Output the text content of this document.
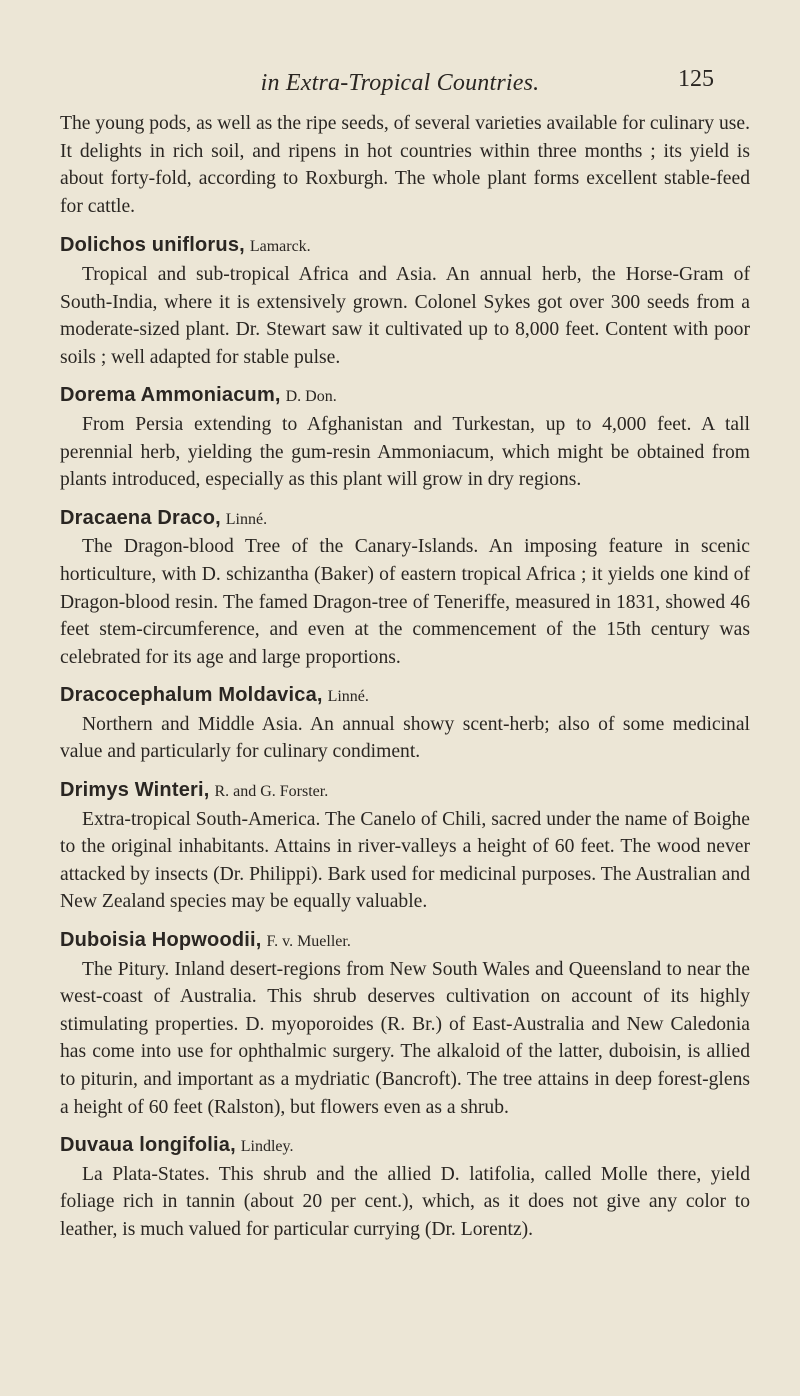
in Extra-Tropical Countries.	125

The young pods, as well as the ripe seeds, of several varieties available for culinary use. It delights in rich soil, and ripens in hot countries within three months ; its yield is about forty-fold, according to Roxburgh. The whole plant forms excellent stable-feed for cattle.

Dolichos uniflorus, Lamarck.
Tropical and sub-tropical Africa and Asia. An annual herb, the Horse-Gram of South-India, where it is extensively grown. Colonel Sykes got over 300 seeds from a moderate-sized plant. Dr. Stewart saw it cultivated up to 8,000 feet. Content with poor soils ; well adapted for stable pulse.
Dorema Ammoniacum, D. Don.
From Persia extending to Afghanistan and Turkestan, up to 4,000 feet. A tall perennial herb, yielding the gum-resin Ammoniacum, which might be obtained from plants introduced, especially as this plant will grow in dry regions.
Dracaena Draco, Linné.
The Dragon-blood Tree of the Canary-Islands. An imposing feature in scenic horticulture, with D. schizantha (Baker) of eastern tropical Africa ; it yields one kind of Dragon-blood resin. The famed Dragon-tree of Teneriffe, measured in 1831, showed 46 feet stem-circumference, and even at the commencement of the 15th century was celebrated for its age and large proportions.
Dracocephalum Moldavica, Linné.
Northern and Middle Asia. An annual showy scent-herb; also of some medicinal value and particularly for culinary condiment.
Drimys Winteri, R. and G. Forster.
Extra-tropical South-America. The Canelo of Chili, sacred under the name of Boighe to the original inhabitants. Attains in river-valleys a height of 60 feet. The wood never attacked by insects (Dr. Philippi). Bark used for medicinal purposes. The Australian and New Zealand species may be equally valuable.
Duboisia Hopwoodii, F. v. Mueller.
The Pitury. Inland desert-regions from New South Wales and Queensland to near the west-coast of Australia. This shrub deserves cultivation on account of its highly stimulating properties. D. myoporoides (R. Br.) of East-Australia and New Caledonia has come into use for ophthalmic surgery. The alkaloid of the latter, duboisin, is allied to piturin, and important as a mydriatic (Bancroft). The tree attains in deep forest-glens a height of 60 feet (Ralston), but flowers even as a shrub.
Duvaua longifolia, Lindley.
La Plata-States. This shrub and the allied D. latifolia, called Molle there, yield foliage rich in tannin (about 20 per cent.), which, as it does not give any color to leather, is much valued for particular currying (Dr. Lorentz).
